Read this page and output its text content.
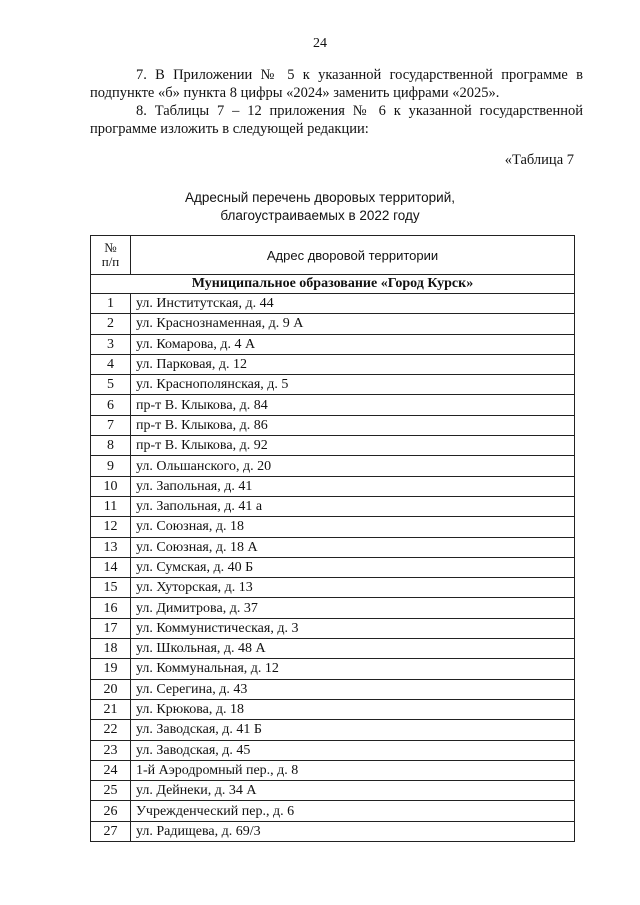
24
7. В Приложении № 5 к указанной государственной программе в подпункте «б» пункта 8 цифры «2024» заменить цифрами «2025».
8. Таблицы 7 – 12 приложения № 6 к указанной государственной программе изложить в следующей редакции:
«Таблица 7
Адресный перечень дворовых территорий,
благоустраиваемых в 2022 году
№
п/п	Адрес дворовой территории
Муниципальное образование «Город Курск»	
1	ул. Институтская, д. 44
2	ул. Краснознаменная, д. 9 А
3	ул. Комарова, д. 4 А
4	ул. Парковая, д. 12
5	ул. Краснополянская, д. 5
6	пр-т В. Клыкова, д. 84
7	пр-т В. Клыкова, д. 86
8	пр-т В. Клыкова, д. 92
9	ул. Ольшанского, д. 20
10	ул. Запольная, д. 41
11	ул. Запольная, д. 41 а
12	ул. Союзная, д. 18
13	ул. Союзная, д. 18 А
14	ул. Сумская, д. 40 Б
15	ул. Хуторская, д. 13
16	ул. Димитрова, д. 37
17	ул. Коммунистическая, д. 3
18	ул. Школьная, д. 48 А
19	ул. Коммунальная, д. 12
20	ул. Серегина, д. 43
21	ул. Крюкова, д. 18
22	ул. Заводская, д. 41 Б
23	ул. Заводская, д. 45
24	1-й Аэродромный пер., д. 8
25	ул. Дейнеки, д. 34 А
26	Учрежденческий пер., д. 6
27	ул. Радищева, д. 69/3
